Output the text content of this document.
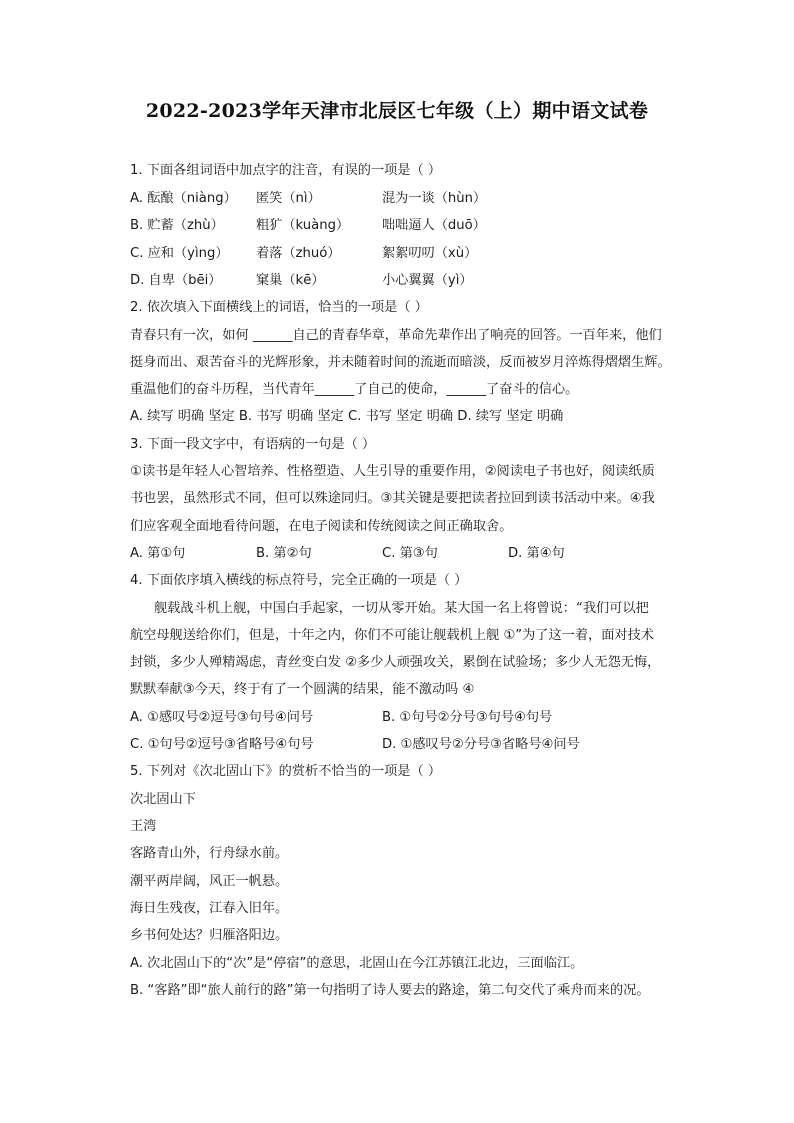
2022-2023学年天津市北辰区七年级（上）期中语文试卷
1. 下面各组词语中加点字的注音，有误的一项是（ ）
A. 酝酿（niàng） 匿笑（nì）	混为一谈（hùn）
B. 贮蓄（zhù） 粗犷（kuàng） 咄咄逼人（duō）
C. 应和（yìng） 着落（zhuó）	絮絮叨叨（xù）
D. 自卑（bēi）	窠巢（kē）	小心翼翼（yì）
2. 依次填入下面横线上的词语，恰当的一项是（ ）
青春只有一次，如何 ______自己的青春华章，革命先辈作出了响亮的回答。一百年来，他们
挺身而出、艰苦奋斗的光辉形象，并未随着时间的流逝而暗淡，反而被岁月淬炼得熠熠生辉。
重温他们的奋斗历程，当代青年______了自己的使命，______了奋斗的信心。
A. 续写 明确 坚定 B. 书写 明确 坚定 C. 书写 坚定 明确 D. 续写 坚定 明确
3. 下面一段文字中，有语病的一句是（ ）
①读书是年轻人心智培养、性格塑造、人生引导的重要作用，②阅读电子书也好，阅读纸质
书也罢，虽然形式不同，但可以殊途同归。③其关键是要把读者拉回到读书活动中来。④我
们应客观全面地看待问题，在电子阅读和传统阅读之间正确取舍。
A. 第①句	B. 第②句	C. 第③句	D. 第④句
4. 下面依序填入横线的标点符号，完全正确的一项是（ ）
舰载战斗机上舰，中国白手起家，一切从零开始。某大国一名上将曾说：“我们可以把
航空母舰送给你们，但是，十年之内，你们不可能让舰载机上舰 ①”为了这一着，面对技术
封锁，多少人殚精竭虑，青丝变白发 ②多少人顽强攻关，累倒在试验场；多少人无怨无悔，
默默奉献③今天，终于有了一个圆满的结果，能不激动吗 ④
A. ①感叹号②逗号③句号④问号	B. ①句号②分号③句号④句号
C. ①句号②逗号③省略号④句号	D. ①感叹号②分号③省略号④问号
5. 下列对《次北固山下》的赏析不恰当的一项是（ ）
次北固山下
王湾
客路青山外，行舟绿水前。
潮平两岸阔，风正一帆悬。
海日生残夜，江春入旧年。
乡书何处达？归雁洛阳边。
A. 次北固山下的“次”是“停宿”的意思，北固山在今江苏镇江北边，三面临江。
B. “客路”即“旅人前行的路”第一句指明了诗人要去的路途，第二句交代了乘舟而来的况。
